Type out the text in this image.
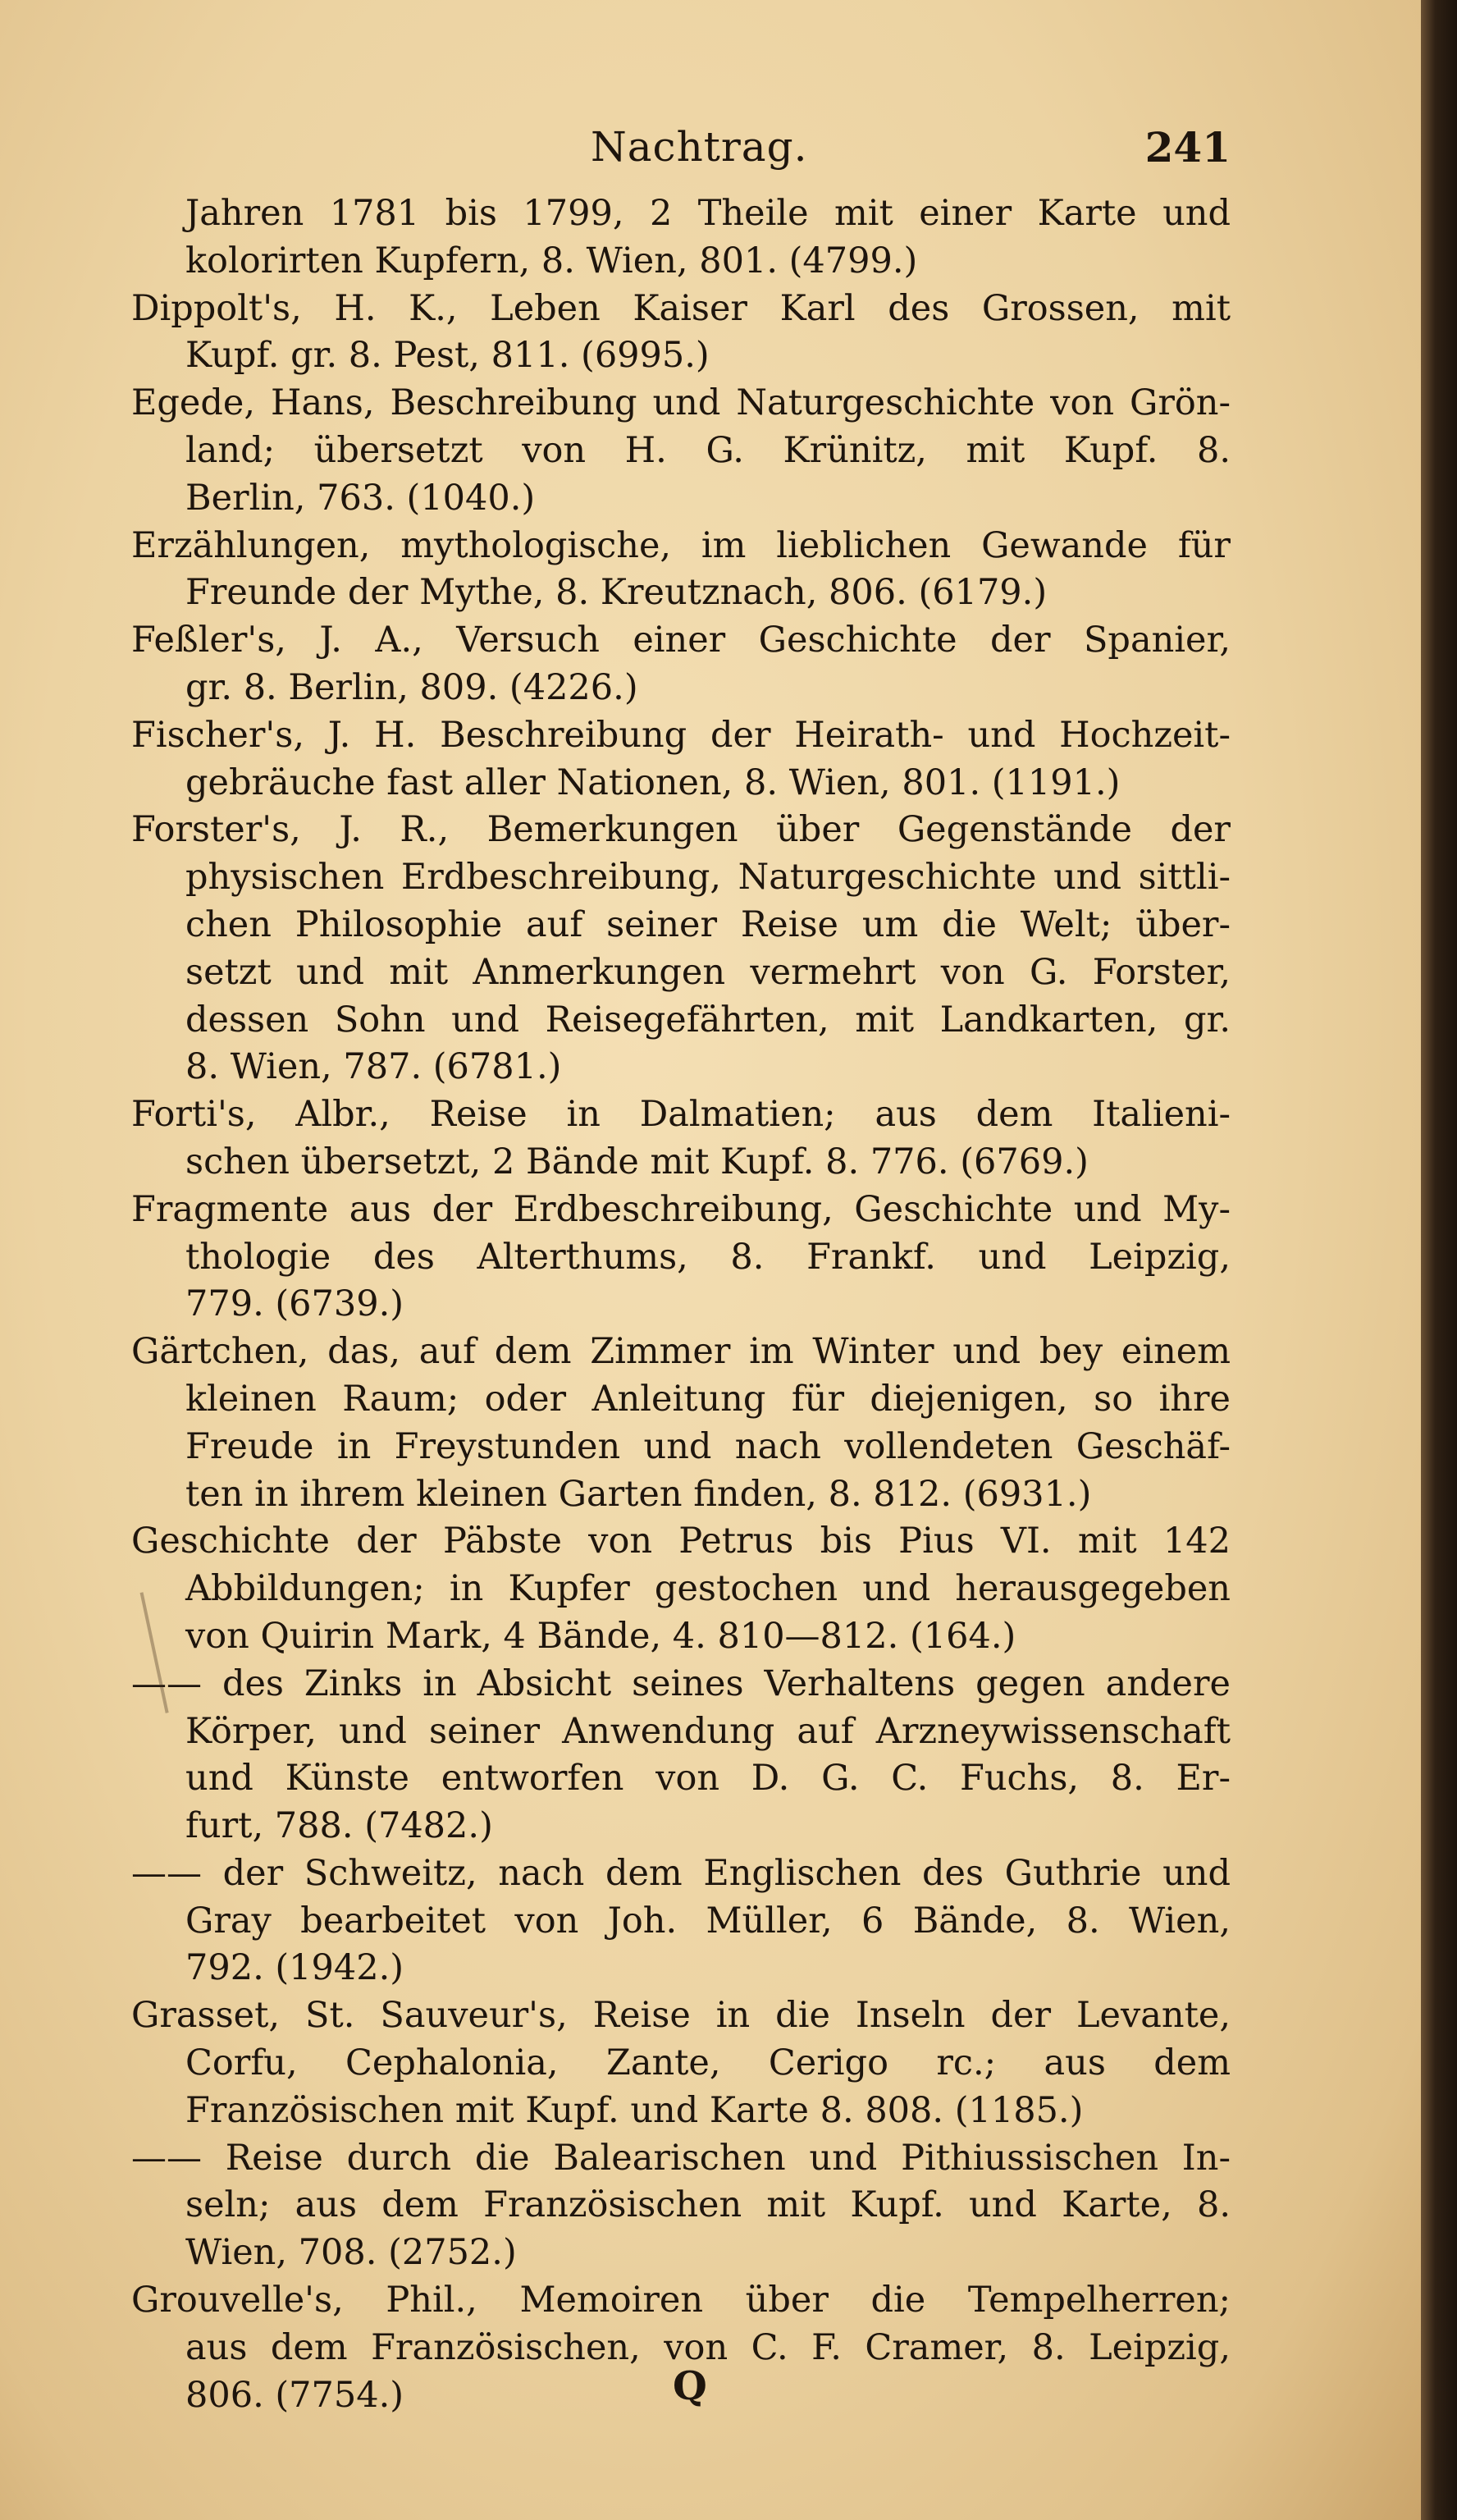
Nachtrag.	241
Jahren 1781 bis 1799, 2 Theile mit einer Karte und
kolorirten Kupfern, 8. Wien, 801. (4799.)
Dippolt's, H. K., Leben Kaiser Karl des Grossen, mit
Kupf. gr. 8. Pest, 811. (6995.)
Egede, Hans, Beschreibung und Naturgeschichte von Grön-
land; übersetzt von H. G. Krünitz, mit Kupf. 8.
Berlin, 763. (1040.)
Erzählungen, mythologische, im lieblichen Gewande für
Freunde der Mythe, 8. Kreutznach, 806. (6179.)
Feßler's, J. A., Versuch einer Geschichte der Spanier,
gr. 8. Berlin, 809. (4226.)
Fischer's, J. H. Beschreibung der Heirath- und Hochzeit-
gebräuche fast aller Nationen, 8. Wien, 801. (1191.)
Forster's, J. R., Bemerkungen über Gegenstände der
physischen Erdbeschreibung, Naturgeschichte und sittli-
chen Philosophie auf seiner Reise um die Welt; über-
setzt und mit Anmerkungen vermehrt von G. Forster,
dessen Sohn und Reisegefährten, mit Landkarten, gr.
8. Wien, 787. (6781.)
Forti's, Albr., Reise in Dalmatien; aus dem Italieni-
schen übersetzt, 2 Bände mit Kupf. 8. 776. (6769.)
Fragmente aus der Erdbeschreibung, Geschichte und My-
thologie des Alterthums, 8. Frankf. und Leipzig,
779. (6739.)
Gärtchen, das, auf dem Zimmer im Winter und bey einem
kleinen Raum; oder Anleitung für diejenigen, so ihre
Freude in Freystunden und nach vollendeten Geschäf-
ten in ihrem kleinen Garten finden, 8. 812. (6931.)
Geschichte der Päbste von Petrus bis Pius VI. mit 142
Abbildungen; in Kupfer gestochen und herausgegeben
von Quirin Mark, 4 Bände, 4. 810—812. (164.)
—— des Zinks in Absicht seines Verhaltens gegen andere
Körper, und seiner Anwendung auf Arzneywissenschaft
und Künste entworfen von D. G. C. Fuchs, 8. Er-
furt, 788. (7482.)
—— der Schweitz, nach dem Englischen des Guthrie und
Gray bearbeitet von Joh. Müller, 6 Bände, 8. Wien,
792. (1942.)
Grasset, St. Sauveur's, Reise in die Inseln der Levante,
Corfu, Cephalonia, Zante, Cerigo rc.; aus dem
Französischen mit Kupf. und Karte 8. 808. (1185.)
—— Reise durch die Balearischen und Pithiussischen In-
seln; aus dem Französischen mit Kupf. und Karte, 8.
Wien, 708. (2752.)
Grouvelle's, Phil., Memoiren über die Tempelherren;
aus dem Französischen, von C. F. Cramer, 8. Leipzig,
806. (7754.)	Q
